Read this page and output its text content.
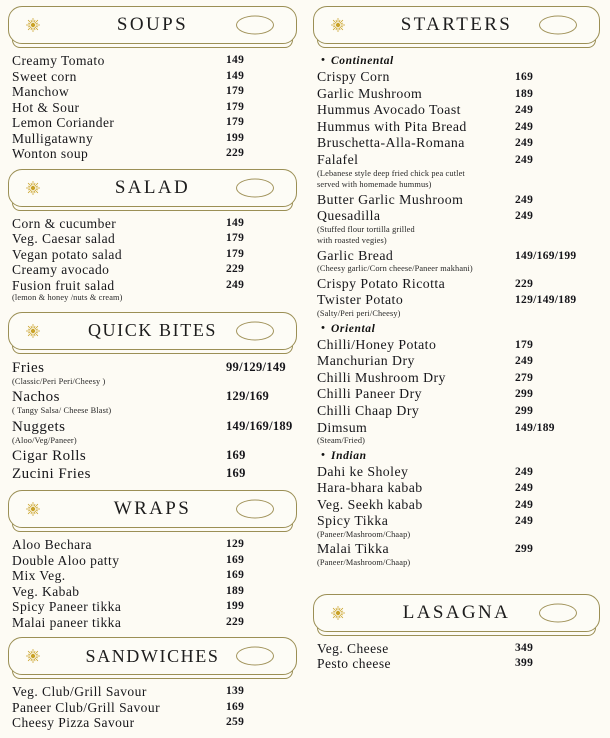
SOUPS
Creamy Tomato	149
Sweet corn	149
Manchow	179
Hot & Sour	179
Lemon Coriander	179
Mulligatawny	199
Wonton soup	229
SALAD
Corn & cucumber	149
Veg. Caesar salad	179
Vegan potato salad	179
Creamy avocado	229
Fusion fruit salad	249
(lemon & honey /nuts & cream)
QUICK BITES
Fries	99/129/149
(Classic/Peri Peri/Cheesy )
Nachos	129/169
( Tangy Salsa/ Cheese Blast)
Nuggets	149/169/189
(Aloo/Veg/Paneer)
Cigar Rolls	169
Zucini Fries	169
WRAPS
Aloo Bechara	129
Double Aloo patty	169
Mix Veg.	169
Veg. Kabab	189
Spicy Paneer tikka	199
Malai paneer tikka	229
SANDWICHES
Veg. Club/Grill Savour	139
Paneer Club/Grill Savour	169
Cheesy Pizza Savour	259
STARTERS
• Continental
Crispy Corn	169
Garlic Mushroom	189
Hummus Avocado Toast	249
Hummus with Pita Bread	249
Bruschetta-Alla-Romana	249
Falafel	249
(Lebanese style deep fried chick pea cutlet
served with homemade hummus)
Butter Garlic Mushroom	249
Quesadilla	249
(Stuffed flour tortilla grilled
with roasted vegies)
Garlic Bread	149/169/199
(Cheesy garlic/Corn cheese/Paneer makhani)
Crispy Potato Ricotta	229
Twister Potato	129/149/189
(Salty/Peri peri/Cheesy)
• Oriental
Chilli/Honey Potato	179
Manchurian Dry	249
Chilli Mushroom Dry	279
Chilli Paneer Dry	299
Chilli Chaap Dry	299
Dimsum	149/189
(Steam/Fried)
• Indian
Dahi ke Sholey	249
Hara-bhara kabab	249
Veg. Seekh kabab	249
Spicy Tikka	249
(Paneer/Mashroom/Chaap)
Malai Tikka	299
(Paneer/Mashroom/Chaap)
LASAGNA
Veg. Cheese	349
Pesto cheese	399
